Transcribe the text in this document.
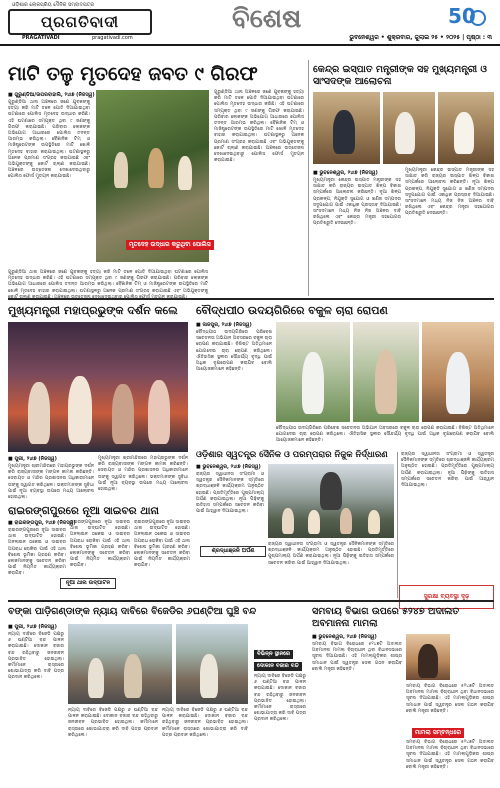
ଓଡ଼ିଶାର ଲୋକପ୍ରିୟ ଦୈନିକ ସମ୍ବାଦପତ୍ର
ପ୍ରଗତିବାଦୀ
PRAGATIVADI	pragativadi.com
ବିଶେଷ	50
ଭୁବନେଶ୍ୱର • ଶୁକ୍ରବାର, ଜୁଲାଇ ୨୫ • ୨୦୨୫ | ପୃଷ୍ଠା : ୩
ମାଟି ତଳୁ ମୃତଦେହ ଜବତ ୯ ଗିରଫ
■ ଗୁରୁଣ୍ଡିଆ/ଉପରବାହାଲି, ୨୪ା୭ (ନିଜସ୍ୱ)

ଗୁରୁଣ୍ଡିଆ ଥାନା ଅଞ୍ଚଳରେ ଜଣେ ଯୁବକଙ୍କୁ ହତ୍ୟା କରି ମାଟି ତଳେ ପୋତି ଦିଆଯାଇଥିବା ଘଟଣାରେ ପୋଲିସ ମୃତଦେହ ଉଦ୍ଧାର କରିଛି। ଏହି ଘଟଣାରେ ସମ୍ପୃକ୍ତ ଥିବା ୯ ଜଣଙ୍କୁ ଗିରଫ କରାଯାଇଛି। ପରିବାର ଲୋକଙ୍କ ଅଭିଯୋଗ ଆଧାରରେ ପୋଲିସ ତଦନ୍ତ ଆରମ୍ଭ କରିଥିଲା। ବୈଜ୍ଞାନିକ ଟିମ୍ ଓ ମାଜିଷ୍ଟ୍ରେଟଙ୍କ ଉପସ୍ଥିତିରେ ମାଟି ଖୋଳି ମୃତଦେହ ବାହାର କରାଯାଇଥିଲା। ଘଟଣାସ୍ଥଳରୁ ଅନେକ ପ୍ରମାଣ ସଂଗ୍ରହ କରାଯାଇଛି ଏବଂ ଅଭିଯୁକ୍ତଙ୍କୁ କୋର୍ଟ ଚାଲାଣ କରାଯାଇଛି। ଅଞ୍ଚଳରେ ଉତ୍ତେଜନା ଦେଖାଦେଇଥିବାରୁ ପୋଲିସ ଫୋର୍ସ ମୁତୟନ କରାଯାଇଛି।

ମୃତଦେହ ଉଦ୍ଧାର କରୁଥିବା ପୋଲିସ

ଗୁରୁଣ୍ଡିଆ ଥାନା ଅଞ୍ଚଳରେ ଜଣେ ଯୁବକଙ୍କୁ ହତ୍ୟା କରି ମାଟି ତଳେ ପୋତି ଦିଆଯାଇଥିବା ଘଟଣାରେ ପୋଲିସ ମୃତଦେହ ଉଦ୍ଧାର କରିଛି। ଏହି ଘଟଣାରେ ସମ୍ପୃକ୍ତ ଥିବା ୯ ଜଣଙ୍କୁ ଗିରଫ କରାଯାଇଛି। ପରିବାର ଲୋକଙ୍କ ଅଭିଯୋଗ ଆଧାରରେ ପୋଲିସ ତଦନ୍ତ ଆରମ୍ଭ କରିଥିଲା। ବୈଜ୍ଞାନିକ ଟିମ୍ ଓ ମାଜିଷ୍ଟ୍ରେଟଙ୍କ ଉପସ୍ଥିତିରେ ମାଟି ଖୋଳି ମୃତଦେହ ବାହାର କରାଯାଇଥିଲା। ଘଟଣାସ୍ଥଳରୁ ଅନେକ ପ୍ରମାଣ ସଂଗ୍ରହ କରାଯାଇଛି ଏବଂ ଅଭିଯୁକ୍ତଙ୍କୁ କୋର୍ଟ ଚାଲାଣ କରାଯାଇଛି। ଅଞ୍ଚଳରେ ଉତ୍ତେଜନା ଦେଖାଦେଇଥିବାରୁ ପୋଲିସ ଫୋର୍ସ ମୁତୟନ କରାଯାଇଛି।

ଗୁରୁଣ୍ଡିଆ ଥାନା ଅଞ୍ଚଳରେ ଜଣେ ଯୁବକଙ୍କୁ ହତ୍ୟା କରି ମାଟି ତଳେ ପୋତି ଦିଆଯାଇଥିବା ଘଟଣାରେ ପୋଲିସ ମୃତଦେହ ଉଦ୍ଧାର କରିଛି। ଏହି ଘଟଣାରେ ସମ୍ପୃକ୍ତ ଥିବା ୯ ଜଣଙ୍କୁ ଗିରଫ କରାଯାଇଛି। ପରିବାର ଲୋକଙ୍କ ଅଭିଯୋଗ ଆଧାରରେ ପୋଲିସ ତଦନ୍ତ ଆରମ୍ଭ କରିଥିଲା। ବୈଜ୍ଞାନିକ ଟିମ୍ ଓ ମାଜିଷ୍ଟ୍ରେଟଙ୍କ ଉପସ୍ଥିତିରେ ମାଟି ଖୋଳି ମୃତଦେହ ବାହାର କରାଯାଇଥିଲା। ଘଟଣାସ୍ଥଳରୁ ଅନେକ ପ୍ରମାଣ ସଂଗ୍ରହ କରାଯାଇଛି ଏବଂ ଅଭିଯୁକ୍ତଙ୍କୁ କୋର୍ଟ ଚାଲାଣ କରାଯାଇଛି। ଅଞ୍ଚଳରେ ଉତ୍ତେଜନା ଦେଖାଦେଇଥିବାରୁ ପୋଲିସ ଫୋର୍ସ ମୁତୟନ କରାଯାଇଛି।

କେନ୍ଦ୍ର ଇସ୍ପାତ ମନ୍ତ୍ରୀଙ୍କ ସହ ମୁଖ୍ୟମନ୍ତ୍ରୀ ଓ ସାଂସଦଙ୍କ ଆଲୋଚନା
■ ଭୁବନେଶ୍ୱର, ୨୪ା୭ (ନିଜସ୍ୱ)

ମୁଖ୍ୟମନ୍ତ୍ରୀ କେନ୍ଦ୍ର ଇସ୍ପାତ ମନ୍ତ୍ରୀଙ୍କ ସହ ସାକ୍ଷାତ କରି ରାଜ୍ୟର ଇସ୍ପାତ ଶିଳ୍ପ ବିକାଶ ସମ୍ପର୍କରେ ଆଲୋଚନା କରିଛନ୍ତି। ନୂଆ ଶିଳ୍ପ ପ୍ରକଳ୍ପ, ନିଯୁକ୍ତି ସୁଯୋଗ ଓ ଖଣିଜ ସମ୍ପଦର ସଦୁପଯୋଗ ପାଇଁ ଏକାଧିକ ପ୍ରସ୍ତାବ ଦିଆଯାଇଛି। ସାଂସଦମାନେ ମଧ୍ୟ ନିଜ ନିଜ ଅଞ୍ଚଳର ଦାବି ରଖିଥିଲେ ଏବଂ କେନ୍ଦ୍ର ମନ୍ତ୍ରୀ ସହଯୋଗର ପ୍ରତିଶ୍ରୁତି ଦେଇଛନ୍ତି।

ମୁଖ୍ୟମନ୍ତ୍ରୀ କେନ୍ଦ୍ର ଇସ୍ପାତ ମନ୍ତ୍ରୀଙ୍କ ସହ ସାକ୍ଷାତ କରି ରାଜ୍ୟର ଇସ୍ପାତ ଶିଳ୍ପ ବିକାଶ ସମ୍ପର୍କରେ ଆଲୋଚନା କରିଛନ୍ତି। ନୂଆ ଶିଳ୍ପ ପ୍ରକଳ୍ପ, ନିଯୁକ୍ତି ସୁଯୋଗ ଓ ଖଣିଜ ସମ୍ପଦର ସଦୁପଯୋଗ ପାଇଁ ଏକାଧିକ ପ୍ରସ୍ତାବ ଦିଆଯାଇଛି। ସାଂସଦମାନେ ମଧ୍ୟ ନିଜ ନିଜ ଅଞ୍ଚଳର ଦାବି ରଖିଥିଲେ ଏବଂ କେନ୍ଦ୍ର ମନ୍ତ୍ରୀ ସହଯୋଗର ପ୍ରତିଶ୍ରୁତି ଦେଇଛନ୍ତି।

ମୁଖ୍ୟମନ୍ତ୍ରୀ ମହାପ୍ରଭୁଙ୍କ ଦର୍ଶନ କଲେ
■ ପୁରୀ, ୨୪ା୭ (ନିଜସ୍ୱ)

ମୁଖ୍ୟମନ୍ତ୍ରୀ ଶ୍ରୀମନ୍ଦିରରେ ମହାପ୍ରଭୁଙ୍କ ଦର୍ଶନ କରି ରାଜ୍ୟବାସୀଙ୍କ ମଙ୍ଗଳ କାମନା କରିଛନ୍ତି। ସେବାୟତ ଓ ମନ୍ଦିର ପ୍ରଶାସନର ଅଧିକାରୀମାନେ ତାଙ୍କୁ ସ୍ୱାଗତ କରିଥିଲେ। ଭକ୍ତମାନଙ୍କ ସୁବିଧା ପାଇଁ ନୂଆ ବ୍ୟବସ୍ଥା ଉପରେ ମଧ୍ୟ ଆଲୋଚନା ହୋଇଥିଲା।

ମୁଖ୍ୟମନ୍ତ୍ରୀ ଶ୍ରୀମନ୍ଦିରରେ ମହାପ୍ରଭୁଙ୍କ ଦର୍ଶନ କରି ରାଜ୍ୟବାସୀଙ୍କ ମଙ୍ଗଳ କାମନା କରିଛନ୍ତି। ସେବାୟତ ଓ ମନ୍ଦିର ପ୍ରଶାସନର ଅଧିକାରୀମାନେ ତାଙ୍କୁ ସ୍ୱାଗତ କରିଥିଲେ। ଭକ୍ତମାନଙ୍କ ସୁବିଧା ପାଇଁ ନୂଆ ବ୍ୟବସ୍ଥା ଉପରେ ମଧ୍ୟ ଆଲୋଚନା ହୋଇଥିଲା।

ବୌଦ୍ଧପୀଠ ଉଦୟଗିରିରେ ବକୁଳ ଚାରା ରୋପଣ
■ ଜାଜପୁର, ୨୪ା୭ (ନିଜସ୍ୱ)

ବୌଦ୍ଧପୀଠ ଉଦୟଗିରିରେ ପରିବେଶ ସଚେତନତା ଅଭିଯାନ ଅବସରରେ ବକୁଳ ଚାରା ରୋପଣ କରାଯାଇଛି। ବିଶିଷ୍ଟ ଅତିଥିମାନେ ଯୋଗଦେଇ ଚାରା ରୋପଣ କରିଥିଲେ। ଐତିହାସିକ ସ୍ଥଳୀର ସୌନ୍ଦର୍ଯ୍ୟ ବୃଦ୍ଧି ପାଇଁ ଅଧିକ ବୃକ୍ଷରୋପଣ କରାଯିବ ବୋଲି ଆୟୋଜକମାନେ କହିଛନ୍ତି।

ବୌଦ୍ଧପୀଠ ଉଦୟଗିରିରେ ପରିବେଶ ସଚେତନତା ଅଭିଯାନ ଅବସରରେ ବକୁଳ ଚାରା ରୋପଣ କରାଯାଇଛି। ବିଶିଷ୍ଟ ଅତିଥିମାନେ ଯୋଗଦେଇ ଚାରା ରୋପଣ କରିଥିଲେ। ଐତିହାସିକ ସ୍ଥଳୀର ସୌନ୍ଦର୍ଯ୍ୟ ବୃଦ୍ଧି ପାଇଁ ଅଧିକ ବୃକ୍ଷରୋପଣ କରାଯିବ ବୋଲି ଆୟୋଜକମାନେ କହିଛନ୍ତି।

ରାଇରଙ୍ଗପୁରରେ ନୂଆ ସାଇବର ଥାନା
■ ରାଇରଙ୍ଗପୁର, ୨୪ା୭ (ନିଜସ୍ୱ)

ରାଇରଙ୍ଗପୁରରେ ନୂଆ ସାଇବର ଥାନା ଉଦ୍‌ଘାଟିତ ହୋଇଛି। ଅନଲାଇନ ଠକେଇ ଓ ସାଇବର ଅପରାଧ ରୋକିବା ପାଇଁ ଏହି ଥାନା ବିଶେଷ ଭୂମିକା ଗ୍ରହଣ କରିବ। ଲୋକମାନଙ୍କୁ ସଚେତନ କରିବା ପାଇଁ ନିୟମିତ କାର୍ଯ୍ୟକ୍ରମ କରାଯିବ।

ରାଇରଙ୍ଗପୁରରେ ନୂଆ ସାଇବର ଥାନା ଉଦ୍‌ଘାଟିତ ହୋଇଛି। ଅନଲାଇନ ଠକେଇ ଓ ସାଇବର ଅପରାଧ ରୋକିବା ପାଇଁ ଏହି ଥାନା ବିଶେଷ ଭୂମିକା ଗ୍ରହଣ କରିବ। ଲୋକମାନଙ୍କୁ ସଚେତନ କରିବା ପାଇଁ ନିୟମିତ କାର୍ଯ୍ୟକ୍ରମ କରାଯିବ।

ରାଇରଙ୍ଗପୁରରେ ନୂଆ ସାଇବର ଥାନା ଉଦ୍‌ଘାଟିତ ହୋଇଛି। ଅନଲାଇନ ଠକେଇ ଓ ସାଇବର ଅପରାଧ ରୋକିବା ପାଇଁ ଏହି ଥାନା ବିଶେଷ ଭୂମିକା ଗ୍ରହଣ କରିବ। ଲୋକମାନଙ୍କୁ ସଚେତନ କରିବା ପାଇଁ ନିୟମିତ କାର୍ଯ୍ୟକ୍ରମ କରାଯିବ।

ନୂଆ ଥାନା ଉଦ୍‌ଘାଟନ
ଓଡ଼ିଶାର ସ୍ୱତନ୍ତ୍ର ସୈନିକ ଓ ପରମ୍ପରାର ନିଜୁକ ନିର୍ଦ୍ଧାରଣ
■ ଭୁବନେଶ୍ୱର, ୨୪ା୭ (ନିଜସ୍ୱ)

ରାଜ୍ୟର ସ୍ୱାଧୀନତା ସଂଗ୍ରାମୀ ଓ ସ୍ୱତନ୍ତ୍ର ସୈନିକମାନଙ୍କ ସ୍ମୃତିରେ ଶ୍ରଦ୍ଧାଞ୍ଜଳି କାର୍ଯ୍ୟକ୍ରମ ଅନୁଷ୍ଠିତ ହୋଇଛି। ପ୍ରତିମୂର୍ତ୍ତିରେ ପୁଷ୍ପମାଲ୍ୟ ଅର୍ପଣ କରାଯାଇଥିଲା। ନୂଆ ପିଢ଼ିଙ୍କୁ ଇତିହାସ ସମ୍ପର୍କରେ ସଚେତନ କରିବା ପାଇଁ ଆହ୍ୱାନ ଦିଆଯାଇଥିଲା।

ଶ୍ରଦ୍ଧାଞ୍ଜଳି ଅର୍ପଣ

ରାଜ୍ୟର ସ୍ୱାଧୀନତା ସଂଗ୍ରାମୀ ଓ ସ୍ୱତନ୍ତ୍ର ସୈନିକମାନଙ୍କ ସ୍ମୃତିରେ ଶ୍ରଦ୍ଧାଞ୍ଜଳି କାର୍ଯ୍ୟକ୍ରମ ଅନୁଷ୍ଠିତ ହୋଇଛି। ପ୍ରତିମୂର୍ତ୍ତିରେ ପୁଷ୍ପମାଲ୍ୟ ଅର୍ପଣ କରାଯାଇଥିଲା। ନୂଆ ପିଢ଼ିଙ୍କୁ ଇତିହାସ ସମ୍ପର୍କରେ ସଚେତନ କରିବା ପାଇଁ ଆହ୍ୱାନ ଦିଆଯାଇଥିଲା।

ରାଜ୍ୟର ସ୍ୱାଧୀନତା ସଂଗ୍ରାମୀ ଓ ସ୍ୱତନ୍ତ୍ର ସୈନିକମାନଙ୍କ ସ୍ମୃତିରେ ଶ୍ରଦ୍ଧାଞ୍ଜଳି କାର୍ଯ୍ୟକ୍ରମ ଅନୁଷ୍ଠିତ ହୋଇଛି। ପ୍ରତିମୂର୍ତ୍ତିରେ ପୁଷ୍ପମାଲ୍ୟ ଅର୍ପଣ କରାଯାଇଥିଲା। ନୂଆ ପିଢ଼ିଙ୍କୁ ଇତିହାସ ସମ୍ପର୍କରେ ସଚେତନ କରିବା ପାଇଁ ଆହ୍ୱାନ ଦିଆଯାଇଥିଲା।

ସୁରକ୍ଷା ବ୍ୟବସ୍ଥା ଦୃଢ଼
ବଙ୍କା ପାଡ଼ିଗଣ୍ଡାଙ୍କ ନ୍ୟାୟ ଦାବିରେ ବିଜେଡିର ୬ଘଣ୍ଟିଆ ଘୁଞ୍ଚି ବନ୍ଦ
■ ପୁରୀ, ୨୪ା୭ (ନିଜସ୍ୱ)

ନ୍ୟାୟ ଦାବିରେ ବିଜେଡି ପକ୍ଷରୁ ୬ ଘଣ୍ଟିଆ ବନ୍ଦ ପାଳନ କରାଯାଇଛି। ଦୋକାନ ବଜାର ବନ୍ଦ ରହିଥିବାରୁ ଜନଜୀବନ ପ୍ରଭାବିତ ହୋଇଥିଲା। କର୍ମୀମାନେ ରାସ୍ତାରେ ଶୋଭାଯାତ୍ରା କରି ଦାବି ପତ୍ର ପ୍ରଦାନ କରିଥିଲେ।

ନ୍ୟାୟ ଦାବିରେ ବିଜେଡି ପକ୍ଷରୁ ୬ ଘଣ୍ଟିଆ ବନ୍ଦ ପାଳନ କରାଯାଇଛି। ଦୋକାନ ବଜାର ବନ୍ଦ ରହିଥିବାରୁ ଜନଜୀବନ ପ୍ରଭାବିତ ହୋଇଥିଲା। କର୍ମୀମାନେ ରାସ୍ତାରେ ଶୋଭାଯାତ୍ରା କରି ଦାବି ପତ୍ର ପ୍ରଦାନ କରିଥିଲେ।

ନ୍ୟାୟ ଦାବିରେ ବିଜେଡି ପକ୍ଷରୁ ୬ ଘଣ୍ଟିଆ ବନ୍ଦ ପାଳନ କରାଯାଇଛି। ଦୋକାନ ବଜାର ବନ୍ଦ ରହିଥିବାରୁ ଜନଜୀବନ ପ୍ରଭାବିତ ହୋଇଥିଲା। କର୍ମୀମାନେ ରାସ୍ତାରେ ଶୋଭାଯାତ୍ରା କରି ଦାବି ପତ୍ର ପ୍ରଦାନ କରିଥିଲେ।

ବିଭିନ୍ନ ସ୍ଥାନରେ
ଦୋକାନ ବଜାର ବନ୍ଦ

ନ୍ୟାୟ ଦାବିରେ ବିଜେଡି ପକ୍ଷରୁ ୬ ଘଣ୍ଟିଆ ବନ୍ଦ ପାଳନ କରାଯାଇଛି। ଦୋକାନ ବଜାର ବନ୍ଦ ରହିଥିବାରୁ ଜନଜୀବନ ପ୍ରଭାବିତ ହୋଇଥିଲା। କର୍ମୀମାନେ ରାସ୍ତାରେ ଶୋଭାଯାତ୍ରା କରି ଦାବି ପତ୍ର ପ୍ରଦାନ କରିଥିଲେ।

ସମବାୟ ବିଭାଗ ଉପରେ ୫୨୪୭ ଅଦାଲତ ଅବମାନନା ମାମଲା
■ ଭୁବନେଶ୍ୱର, ୨୪ା୭ (ନିଜସ୍ୱ)

ସମବାୟ ବିଭାଗ ବିରୋଧରେ ୫୨୪୭ଟି ଅଦାଲତ ଅବମାନନା ମାମଲା ବିଚାରାଧୀନ ଥିବା ବିଧାନସଭାରେ ସୂଚନା ଦିଆଯାଇଛି। ଏହି ମାମଲାଗୁଡ଼ିକର ଶୀଘ୍ର ସମାଧାନ ପାଇଁ ସ୍ୱତନ୍ତ୍ର ସେଲ ଗଠନ କରାଯିବ ବୋଲି ମନ୍ତ୍ରୀ କହିଛନ୍ତି।

ମାମଲା ସମ୍ବନ୍ଧରେ

ସମବାୟ ବିଭାଗ ବିରୋଧରେ ୫୨୪୭ଟି ଅଦାଲତ ଅବମାନନା ମାମଲା ବିଚାରାଧୀନ ଥିବା ବିଧାନସଭାରେ ସୂଚନା ଦିଆଯାଇଛି। ଏହି ମାମଲାଗୁଡ଼ିକର ଶୀଘ୍ର ସମାଧାନ ପାଇଁ ସ୍ୱତନ୍ତ୍ର ସେଲ ଗଠନ କରାଯିବ ବୋଲି ମନ୍ତ୍ରୀ କହିଛନ୍ତି।

ସମବାୟ ବିଭାଗ ବିରୋଧରେ ୫୨୪୭ଟି ଅଦାଲତ ଅବମାନନା ମାମଲା ବିଚାରାଧୀନ ଥିବା ବିଧାନସଭାରେ ସୂଚନା ଦିଆଯାଇଛି। ଏହି ମାମଲାଗୁଡ଼ିକର ଶୀଘ୍ର ସମାଧାନ ପାଇଁ ସ୍ୱତନ୍ତ୍ର ସେଲ ଗଠନ କରାଯିବ ବୋଲି ମନ୍ତ୍ରୀ କହିଛନ୍ତି।
